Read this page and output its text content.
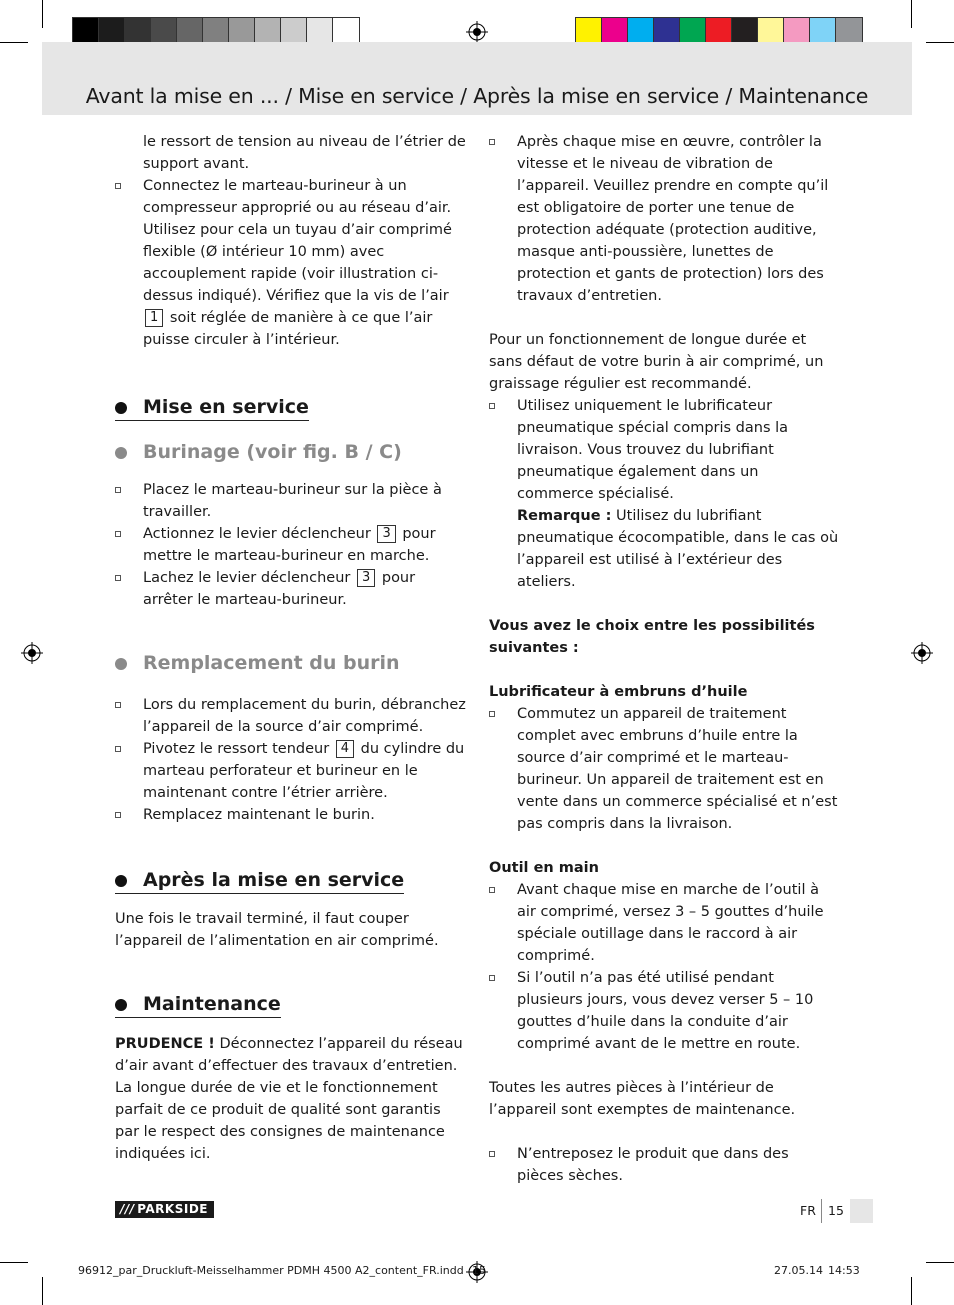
Avant la mise en ... / Mise en service / Après la mise en service / Maintenance

le ressort de tension au niveau de l’étrier de support avant.

Connectez le marteau-burineur à un compresseur approprié ou au réseau d’air. Utilisez pour cela un tuyau d’air comprimé flexible (Ø intérieur 10 mm) avec accouplement rapide (voir illustration ci-dessus indiqué). Vérifiez que la vis de l’air 1 soit réglée de manière à ce que l’air puisse circuler à l’intérieur.
Mise en service
Burinage (voir fig. B / C)
Placez le marteau-burineur sur la pièce à travailler.
Actionnez le levier déclencheur 3 pour mettre le marteau-burineur en marche.
Lachez le levier déclencheur 3 pour arrêter le marteau-burineur.
Remplacement du burin
Lors du remplacement du burin, débranchez l’appareil de la source d’air comprimé.
Pivotez le ressort tendeur 4 du cylindre du marteau perforateur et burineur en le maintenant contre l’étrier arrière.
Remplacez maintenant le burin.
Après la mise en service

Une fois le travail terminé, il faut couper l’appareil de l’alimentation en air comprimé.

Maintenance

PRUDENCE ! Déconnectez l’appareil du réseau d’air avant d’effectuer des travaux d’entretien.

La longue durée de vie et le fonctionnement parfait de ce produit de qualité sont garantis par le respect des consignes de maintenance indiquées ici.

Après chaque mise en œuvre, contrôler la vitesse et le niveau de vibration de l’appareil. Veuillez prendre en compte qu’il est obligatoire de porter une tenue de protection adéquate (protection auditive, masque anti-poussière, lunettes de protection et gants de protection) lors des travaux d’entretien.

Pour un fonctionnement de longue durée et sans défaut de votre burin à air comprimé, un graissage régulier est recommandé.

Utilisez uniquement le lubrificateur pneumatique spécial compris dans la livraison. Vous trouvez du lubrifiant pneumatique également dans un commerce spécialisé.

Remarque : Utilisez du lubrifiant pneumatique écocompatible, dans le cas où l’appareil est utilisé à l’extérieur des ateliers.

Vous avez le choix entre les possibilités suivantes :

Lubrificateur à embruns d’huile

Commutez un appareil de traitement complet avec embruns d’huile entre la source d’air comprimé et le marteau-burineur. Un appareil de traitement est en vente dans un commerce spécialisé et n’est pas compris dans la livraison.

Outil en main

Avant chaque mise en marche de l’outil à air comprimé, versez 3 – 5 gouttes d’huile spéciale outillage dans le raccord à air comprimé.
Si l’outil n’a pas été utilisé pendant plusieurs jours, vous devez verser 5 – 10 gouttes d’huile dans la conduite d’air comprimé avant de le mettre en route.

Toutes les autres pièces à l’intérieur de l’appareil sont exemptes de maintenance.

N’entreposez le produit que dans des pièces sèches.
/// PARKSIDE	FR 15
96912_par_Druckluft-Meisselhammer PDMH 4500 A2_content_FR.indd 15	27.05.14 14:53
